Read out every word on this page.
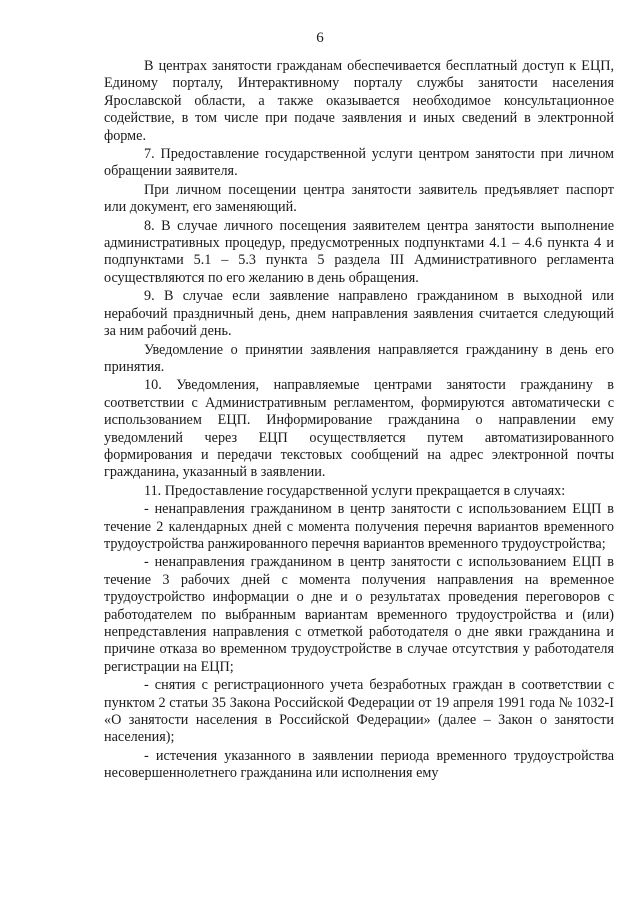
6

В центрах занятости гражданам обеспечивается бесплатный доступ к ЕЦП, Единому порталу, Интерактивному порталу службы занятости населения Ярославской области, а также оказывается необходимое консультационное содействие, в том числе при подаче заявления и иных сведений в электронной форме.

7. Предоставление государственной услуги центром занятости при личном обращении заявителя.

При личном посещении центра занятости заявитель предъявляет паспорт или документ, его заменяющий.

8. В случае личного посещения заявителем центра занятости выполнение административных процедур, предусмотренных подпунктами 4.1 – 4.6 пункта 4 и подпунктами 5.1 – 5.3 пункта 5 раздела III Административного регламента осуществляются по его желанию в день обращения.

9. В случае если заявление направлено гражданином в выходной или нерабочий праздничный день, днем направления заявления считается следующий за ним рабочий день.

Уведомление о принятии заявления направляется гражданину в день его принятия.

10. Уведомления, направляемые центрами занятости гражданину в соответствии с Административным регламентом, формируются автоматически с использованием ЕЦП. Информирование гражданина о направлении ему уведомлений через ЕЦП осуществляется путем автоматизированного формирования и передачи текстовых сообщений на адрес электронной почты гражданина, указанный в заявлении.

11. Предоставление государственной услуги прекращается в случаях:

- ненаправления гражданином в центр занятости с использованием ЕЦП в течение 2 календарных дней с момента получения перечня вариантов временного трудоустройства ранжированного перечня вариантов временного трудоустройства;

- ненаправления гражданином в центр занятости с использованием ЕЦП в течение 3 рабочих дней с момента получения направления на временное трудоустройство информации о дне и о результатах проведения переговоров с работодателем по выбранным вариантам временного трудоустройства и (или) непредставления направления с отметкой работодателя о дне явки гражданина и причине отказа во временном трудоустройстве в случае отсутствия у работодателя регистрации на ЕЦП;

- снятия с регистрационного учета безработных граждан в соответствии с пунктом 2 статьи 35 Закона Российской Федерации от 19 апреля 1991 года № 1032-I «О занятости населения в Российской Федерации» (далее – Закон о занятости населения);

- истечения указанного в заявлении периода временного трудоустройства несовершеннолетнего гражданина или исполнения ему
